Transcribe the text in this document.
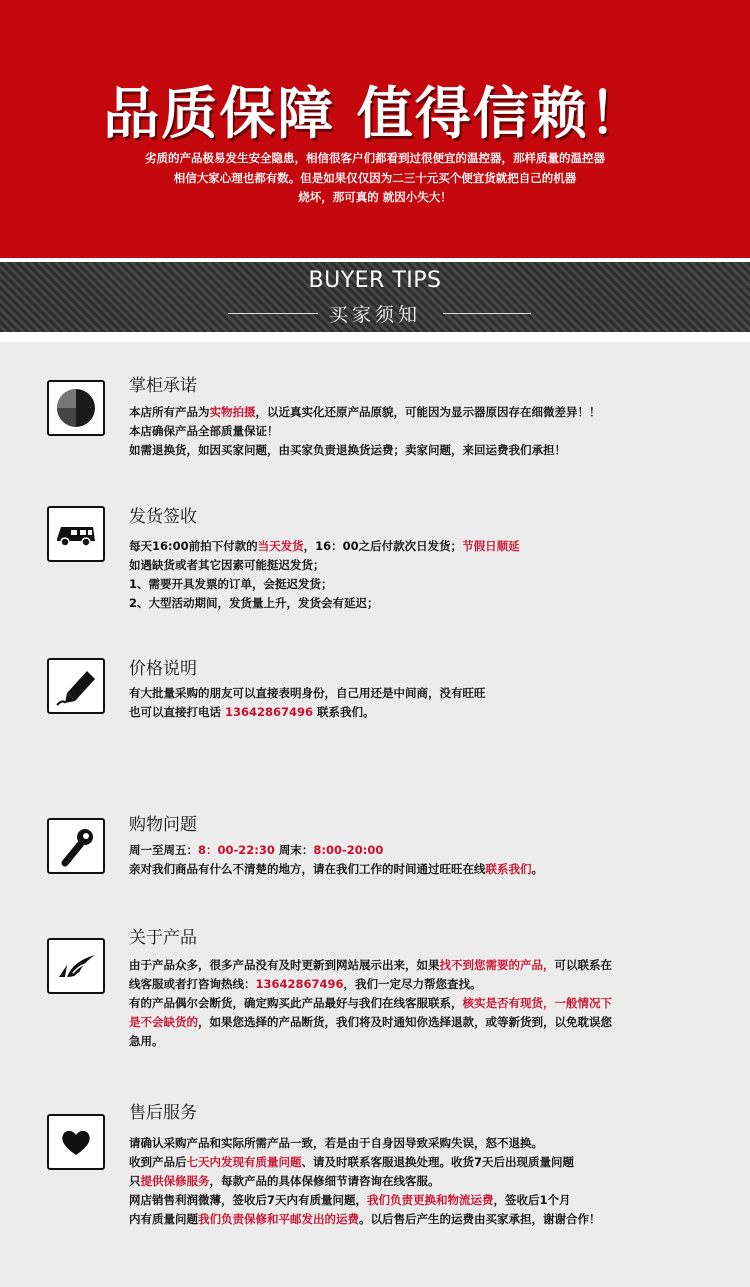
品质保障 值得信赖！
劣质的产品极易发生安全隐患，相信很客户们都看到过很便宜的温控器，那样质量的温控器
相信大家心理也都有数。但是如果仅仅因为二三十元买个便宜货就把自己的机器
烧坏，那可真的 就因小失大！
BUYER TIPS
买家须知
掌柜承诺
本店所有产品为实物拍摄，以近真实化还原产品原貌，可能因为显示器原因存在细微差异！！
本店确保产品全部质量保证！
如需退换货，如因买家问题，由买家负责退换货运费；卖家问题，来回运费我们承担！
发货签收
每天16:00前拍下付款的当天发货，16：00之后付款次日发货；节假日顺延
如遇缺货或者其它因素可能挺迟发货；
1、需要开具发票的订单，会挺迟发货；
2、大型活动期间，发货量上升，发货会有延迟；
价格说明
有大批量采购的朋友可以直接表明身份，自己用还是中间商，没有旺旺
也可以直接打电话 13642867496 联系我们。
购物问题
周一至周五：8：00-22:30 周末：8:00-20:00
亲对我们商品有什么不清楚的地方，请在我们工作的时间通过旺旺在线联系我们。
关于产品
由于产品众多，很多产品没有及时更新到网站展示出来，如果找不到您需要的产品，可以联系在
线客服或者打咨询热线：13642867496，我们一定尽力帮您查找。
有的产品偶尔会断货，确定购买此产品最好与我们在线客服联系，核实是否有现货，一般情况下
是不会缺货的，如果您选择的产品断货，我们将及时通知你选择退款，或等新货到，以免耽误您
急用。
售后服务
请确认采购产品和实际所需产品一致，若是由于自身因导致采购失误，怒不退换。
收到产品后七天内发现有质量问题、请及时联系客服退换处理。收货7天后出现质量问题
只提供保修服务，每款产品的具体保修细节请咨询在线客服。
网店销售利润微薄，签收后7天内有质量问题，我们负责更换和物流运费，签收后1个月
内有质量问题我们负责保修和平邮发出的运费。以后售后产生的运费由买家承担，谢谢合作！
